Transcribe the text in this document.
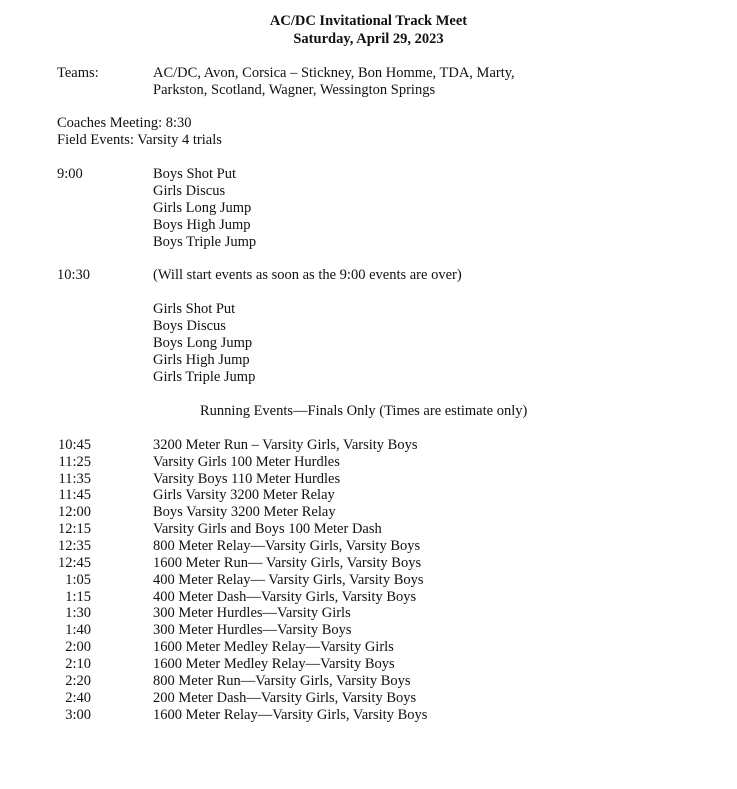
AC/DC Invitational Track Meet
Saturday, April 29, 2023
Teams:	AC/DC, Avon, Corsica – Stickney, Bon Homme, TDA, Marty,
Parkston, Scotland, Wagner, Wessington Springs
Coaches Meeting: 8:30
Field Events: Varsity 4 trials
9:00	Boys Shot Put
Girls Discus
Girls Long Jump
Boys High Jump
Boys Triple Jump
10:30	(Will start events as soon as the 9:00 events are over)
Girls Shot Put
Boys Discus
Boys Long Jump
Girls High Jump
Girls Triple Jump
Running Events—Finals Only (Times are estimate only)
10:45	3200 Meter Run – Varsity Girls, Varsity Boys
11:25	Varsity Girls 100 Meter Hurdles
11:35	Varsity Boys 110 Meter Hurdles
11:45	Girls Varsity 3200 Meter Relay
12:00	Boys Varsity 3200 Meter Relay
12:15	Varsity Girls and Boys 100 Meter Dash
12:35	800 Meter Relay—Varsity Girls, Varsity Boys
12:45	1600 Meter Run— Varsity Girls, Varsity Boys
1:05	400 Meter Relay— Varsity Girls, Varsity Boys
1:15	400 Meter Dash—Varsity Girls, Varsity Boys
1:30	300 Meter Hurdles—Varsity Girls
1:40	300 Meter Hurdles—Varsity Boys
2:00	1600 Meter Medley Relay—Varsity Girls
2:10	1600 Meter Medley Relay—Varsity Boys
2:20	800 Meter Run—Varsity Girls, Varsity Boys
2:40	200 Meter Dash—Varsity Girls, Varsity Boys
3:00	1600 Meter Relay—Varsity Girls, Varsity Boys
